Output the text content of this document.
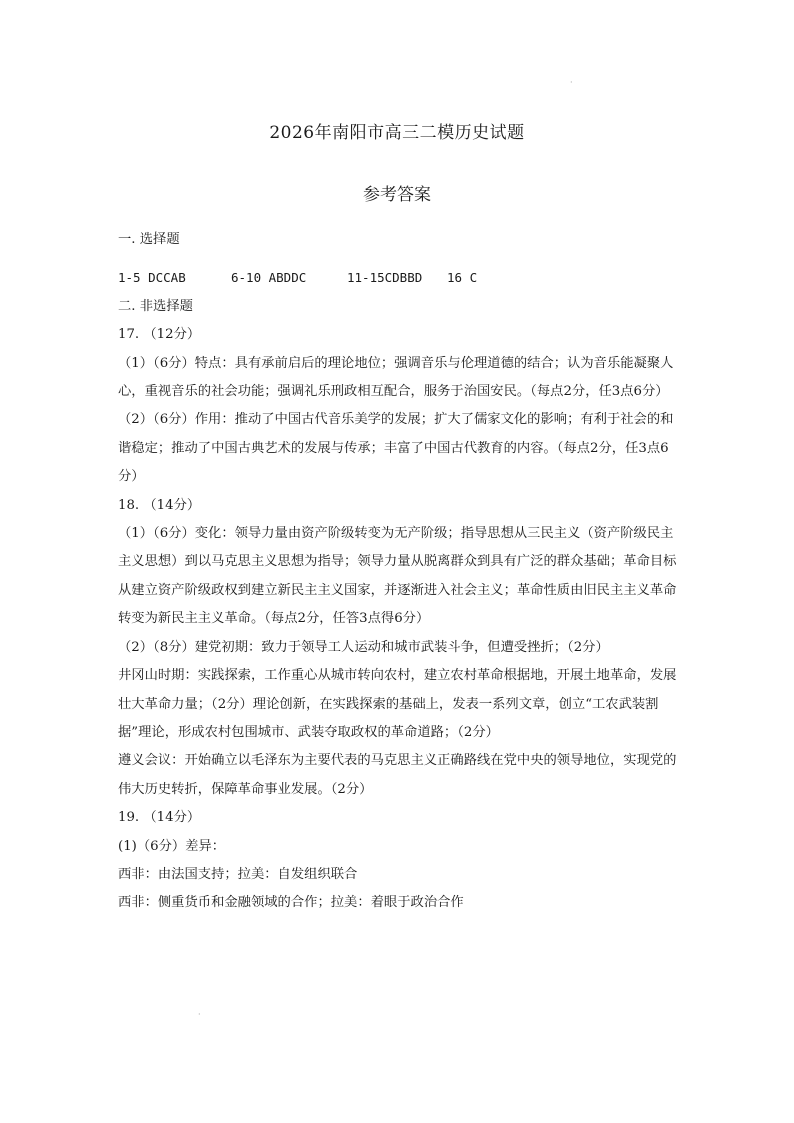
2026年南阳市高三二模历史试题
参考答案

一. 选择题

1-5 DCCAB	6-10 ABDDC	11-15CDBBD	16 C

二. 非选择题

17. （12分）

（1）（6分）特点：具有承前启后的理论地位；强调音乐与伦理道德的结合；认为音乐能凝聚人心，重视音乐的社会功能；强调礼乐刑政相互配合，服务于治国安民。（每点2分，任3点6分）

（2）（6分）作用：推动了中国古代音乐美学的发展；扩大了儒家文化的影响；有利于社会的和谐稳定；推动了中国古典艺术的发展与传承；丰富了中国古代教育的内容。（每点2分，任3点6分）

18. （14分）

（1）（6分）变化：领导力量由资产阶级转变为无产阶级；指导思想从三民主义（资产阶级民主主义思想）到以马克思主义思想为指导；领导力量从脱离群众到具有广泛的群众基础；革命目标从建立资产阶级政权到建立新民主主义国家，并逐渐进入社会主义；革命性质由旧民主主义革命转变为新民主主义革命。（每点2分，任答3点得6分）

（2）（8分）建党初期：致力于领导工人运动和城市武装斗争，但遭受挫折；（2分）

井冈山时期：实践探索，工作重心从城市转向农村，建立农村革命根据地，开展土地革命，发展壮大革命力量；（2分）理论创新，在实践探索的基础上，发表一系列文章，创立“工农武装割据”理论，形成农村包围城市、武装夺取政权的革命道路；（2分）

遵义会议：开始确立以毛泽东为主要代表的马克思主义正确路线在党中央的领导地位，实现党的伟大历史转折，保障革命事业发展。（2分）

19. （14分）

(1)（6分）差异：

西非：由法国支持；拉美：自发组织联合

西非：侧重货币和金融领域的合作；拉美：着眼于政治合作

·
·
